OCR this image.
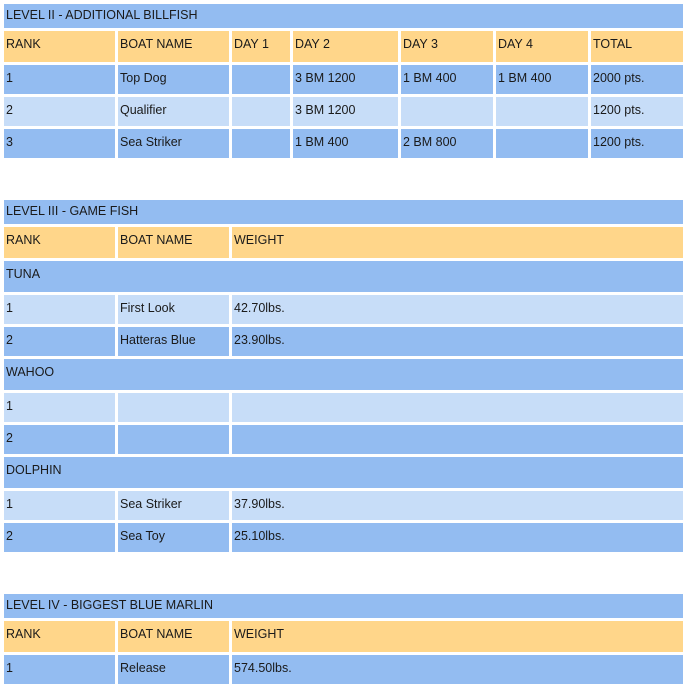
LEVEL II - ADDITIONAL BILLFISH						
RANK	BOAT NAME	DAY 1	DAY 2	DAY 3	DAY 4	TOTAL
1	Top Dog		3 BM 1200	1 BM 400	1 BM 400	2000 pts.
2	Qualifier		3 BM 1200			1200 pts.
3	Sea Striker		1 BM 400	2 BM 800		1200 pts.
LEVEL III - GAME FISH		
RANK	BOAT NAME	WEIGHT
TUNA		
1	First Look	42.70lbs.
2	Hatteras Blue	23.90lbs.
WAHOO		
1		
2		
DOLPHIN		
1	Sea Striker	37.90lbs.
2	Sea Toy	25.10lbs.
LEVEL IV - BIGGEST BLUE MARLIN		
RANK	BOAT NAME	WEIGHT
1	Release	574.50lbs.
